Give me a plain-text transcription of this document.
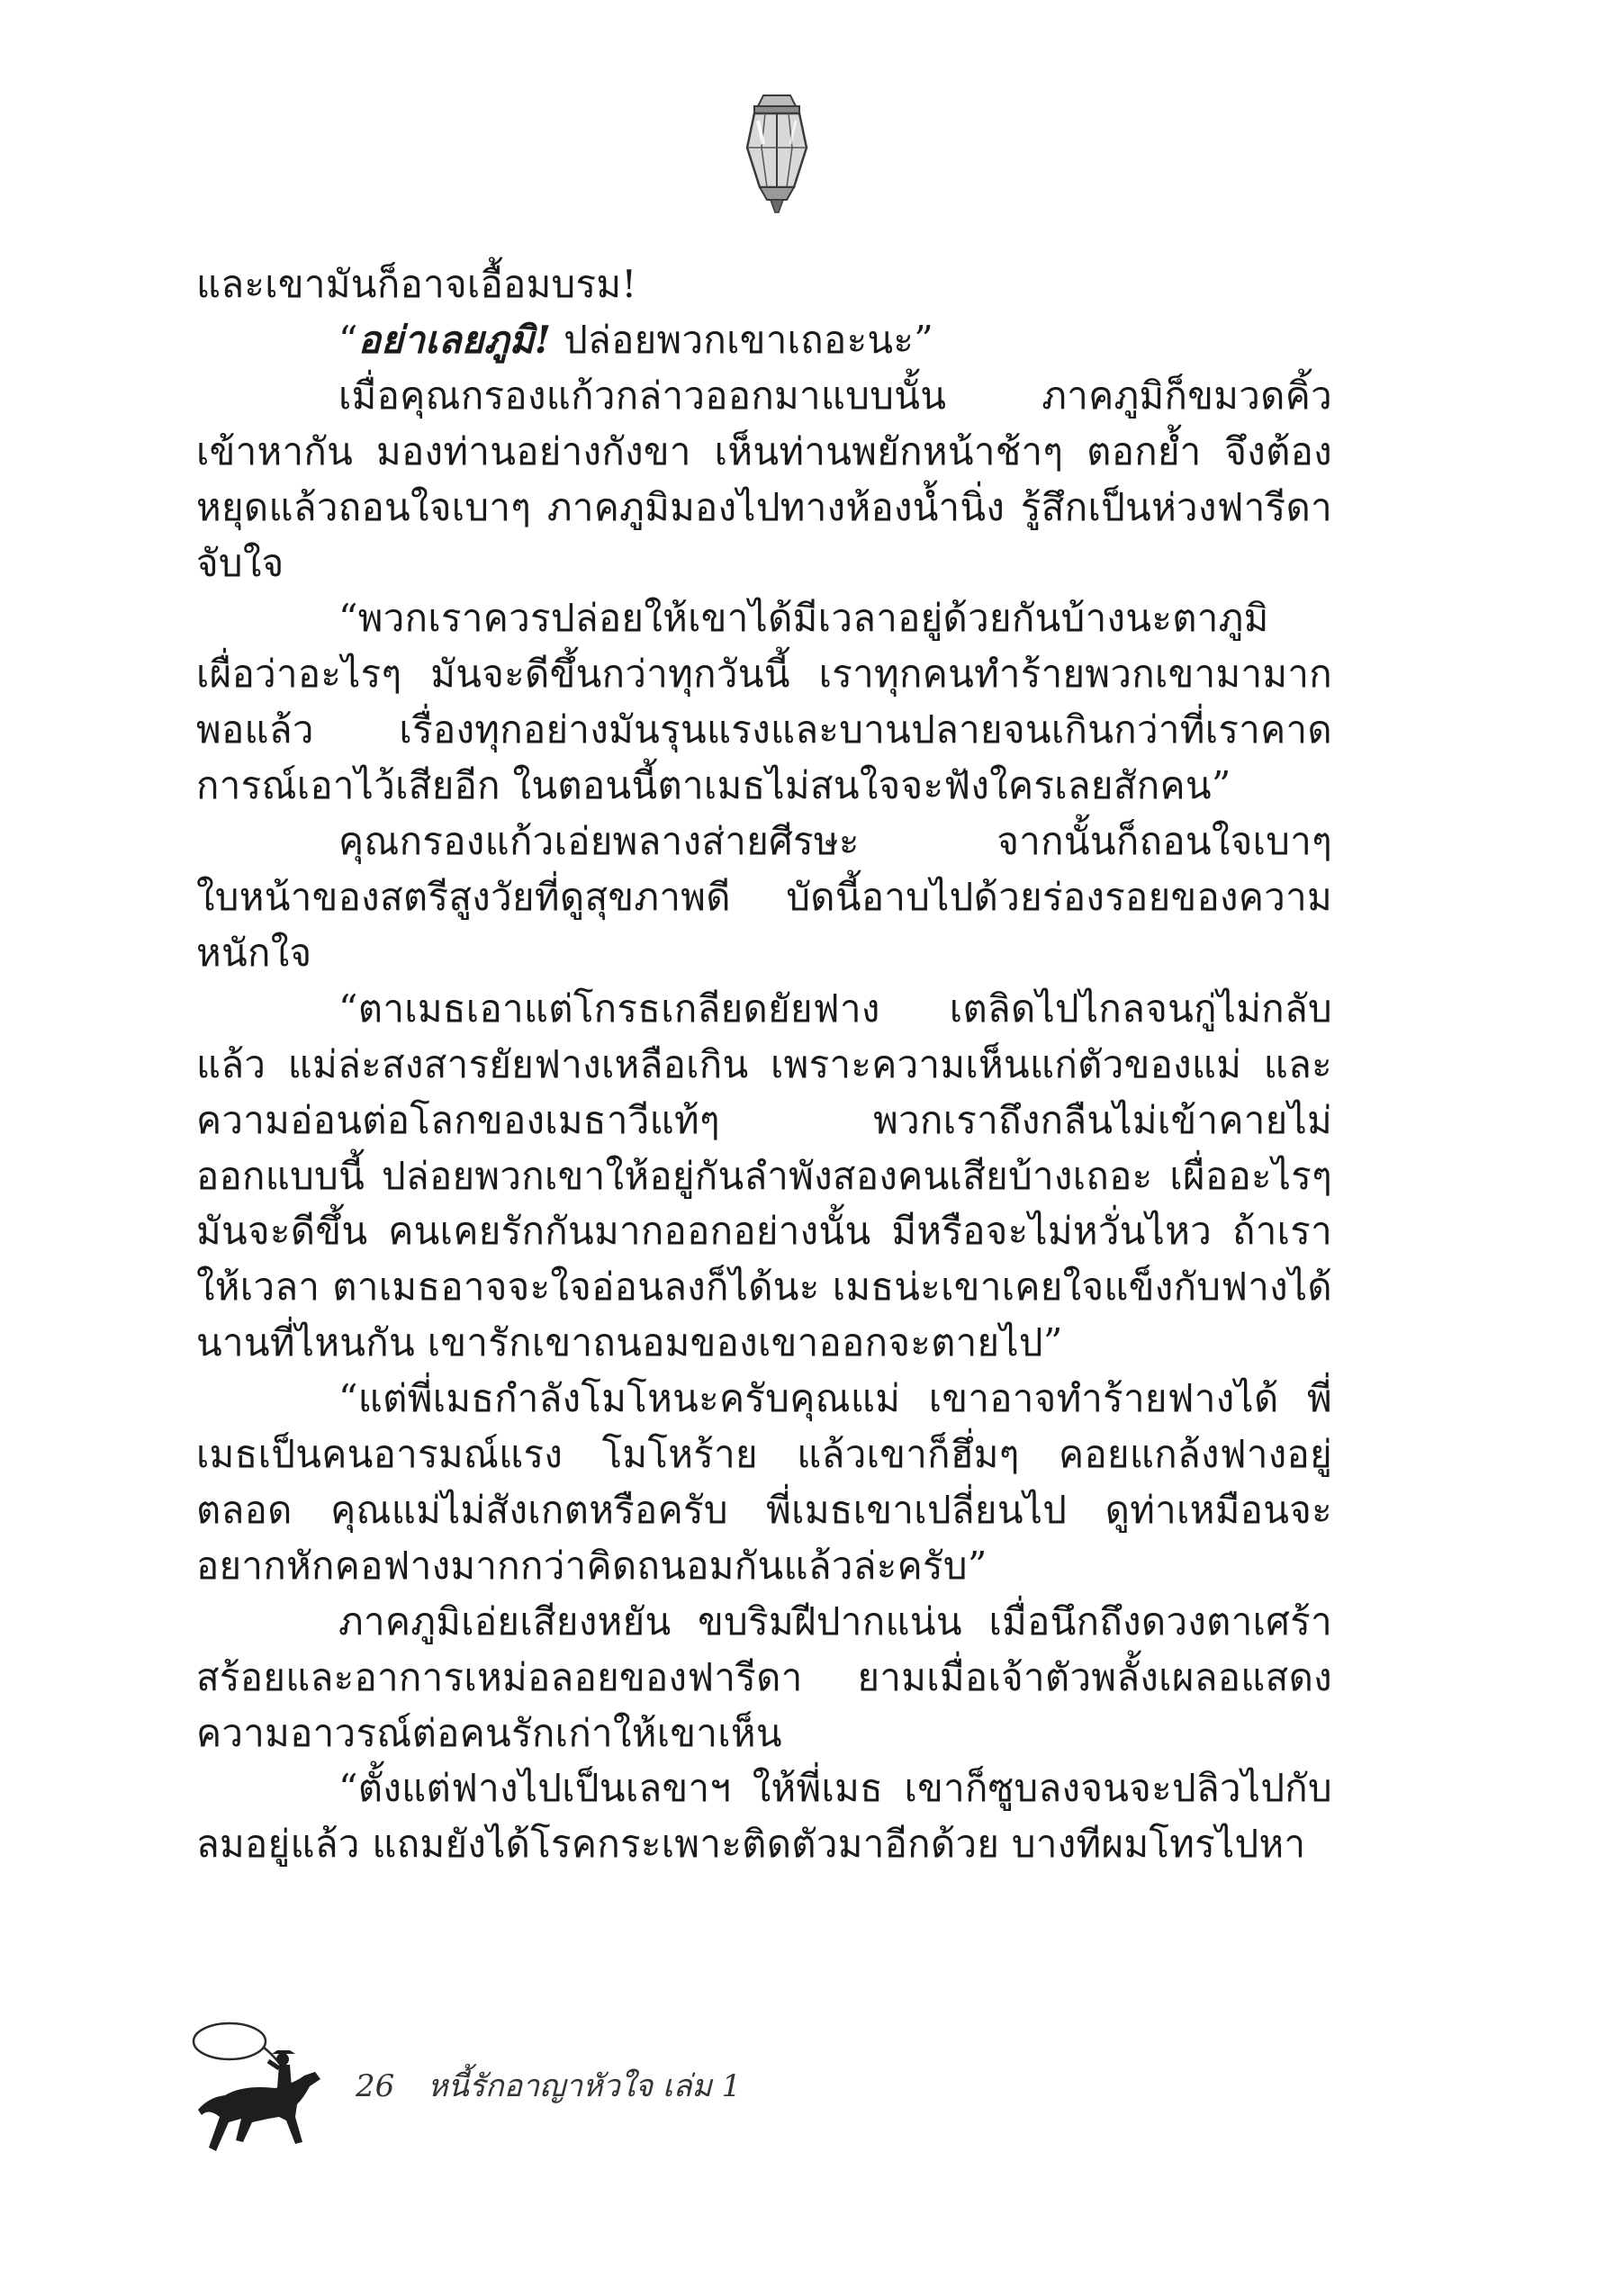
และเขามันก็อาจเอื้อมบรม!

“อย่าเลยภูมิ! ปล่อยพวกเขาเถอะนะ”

เมื่อคุณกรองแก้วกล่าวออกมาแบบนั้น ภาคภูมิก็ขมวดคิ้วเข้าหากัน มองท่านอย่างกังขา เห็นท่านพยักหน้าช้าๆ ตอกย้ำ จึงต้องหยุดแล้วถอนใจเบาๆ ภาคภูมิมองไปทางห้องน้ำนิ่ง รู้สึกเป็นห่วงฟารีดาจับใจ

“พวกเราควรปล่อยให้เขาได้มีเวลาอยู่ด้วยกันบ้างนะตาภูมิ เผื่อว่าอะไรๆ มันจะดีขึ้นกว่าทุกวันนี้ เราทุกคนทำร้ายพวกเขามามากพอแล้ว เรื่องทุกอย่างมันรุนแรงและบานปลายจนเกินกว่าที่เราคาดการณ์เอาไว้เสียอีก ในตอนนี้ตาเมธไม่สนใจจะฟังใครเลยสักคน”

คุณกรองแก้วเอ่ยพลางส่ายศีรษะ จากนั้นก็ถอนใจเบาๆ ใบหน้าของสตรีสูงวัยที่ดูสุขภาพดี บัดนี้อาบไปด้วยร่องรอยของความหนักใจ

“ตาเมธเอาแต่โกรธเกลียดยัยฟาง เตลิดไปไกลจนกู่ไม่กลับแล้ว แม่ล่ะสงสารยัยฟางเหลือเกิน เพราะความเห็นแก่ตัวของแม่ และความอ่อนต่อโลกของเมธาวีแท้ๆ พวกเราถึงกลืนไม่เข้าคายไม่ออกแบบนี้ ปล่อยพวกเขาให้อยู่กันลำพังสองคนเสียบ้างเถอะ เผื่ออะไรๆ มันจะดีขึ้น คนเคยรักกันมากออกอย่างนั้น มีหรือจะไม่หวั่นไหว ถ้าเราให้เวลา ตาเมธอาจจะใจอ่อนลงก็ได้นะ เมธน่ะเขาเคยใจแข็งกับฟางได้นานที่ไหนกัน เขารักเขาถนอมของเขาออกจะตายไป”

“แต่พี่เมธกำลังโมโหนะครับคุณแม่ เขาอาจทำร้ายฟางได้ พี่เมธเป็นคนอารมณ์แรง โมโหร้าย แล้วเขาก็ฮึ่มๆ คอยแกล้งฟางอยู่ตลอด คุณแม่ไม่สังเกตหรือครับ พี่เมธเขาเปลี่ยนไป ดูท่าเหมือนจะอยากหักคอฟางมากกว่าคิดถนอมกันแล้วล่ะครับ”

ภาคภูมิเอ่ยเสียงหยัน ขบริมฝีปากแน่น เมื่อนึกถึงดวงตาเศร้าสร้อยและอาการเหม่อลอยของฟารีดา ยามเมื่อเจ้าตัวพลั้งเผลอแสดงความอาวรณ์ต่อคนรักเก่าให้เขาเห็น

“ตั้งแต่ฟางไปเป็นเลขาฯ ให้พี่เมธ เขาก็ซูบลงจนจะปลิวไปกับลมอยู่แล้ว แถมยังได้โรคกระเพาะติดตัวมาอีกด้วย บางทีผมโทรไปหา

26 หนี้รักอาญาหัวใจ เล่ม 1
